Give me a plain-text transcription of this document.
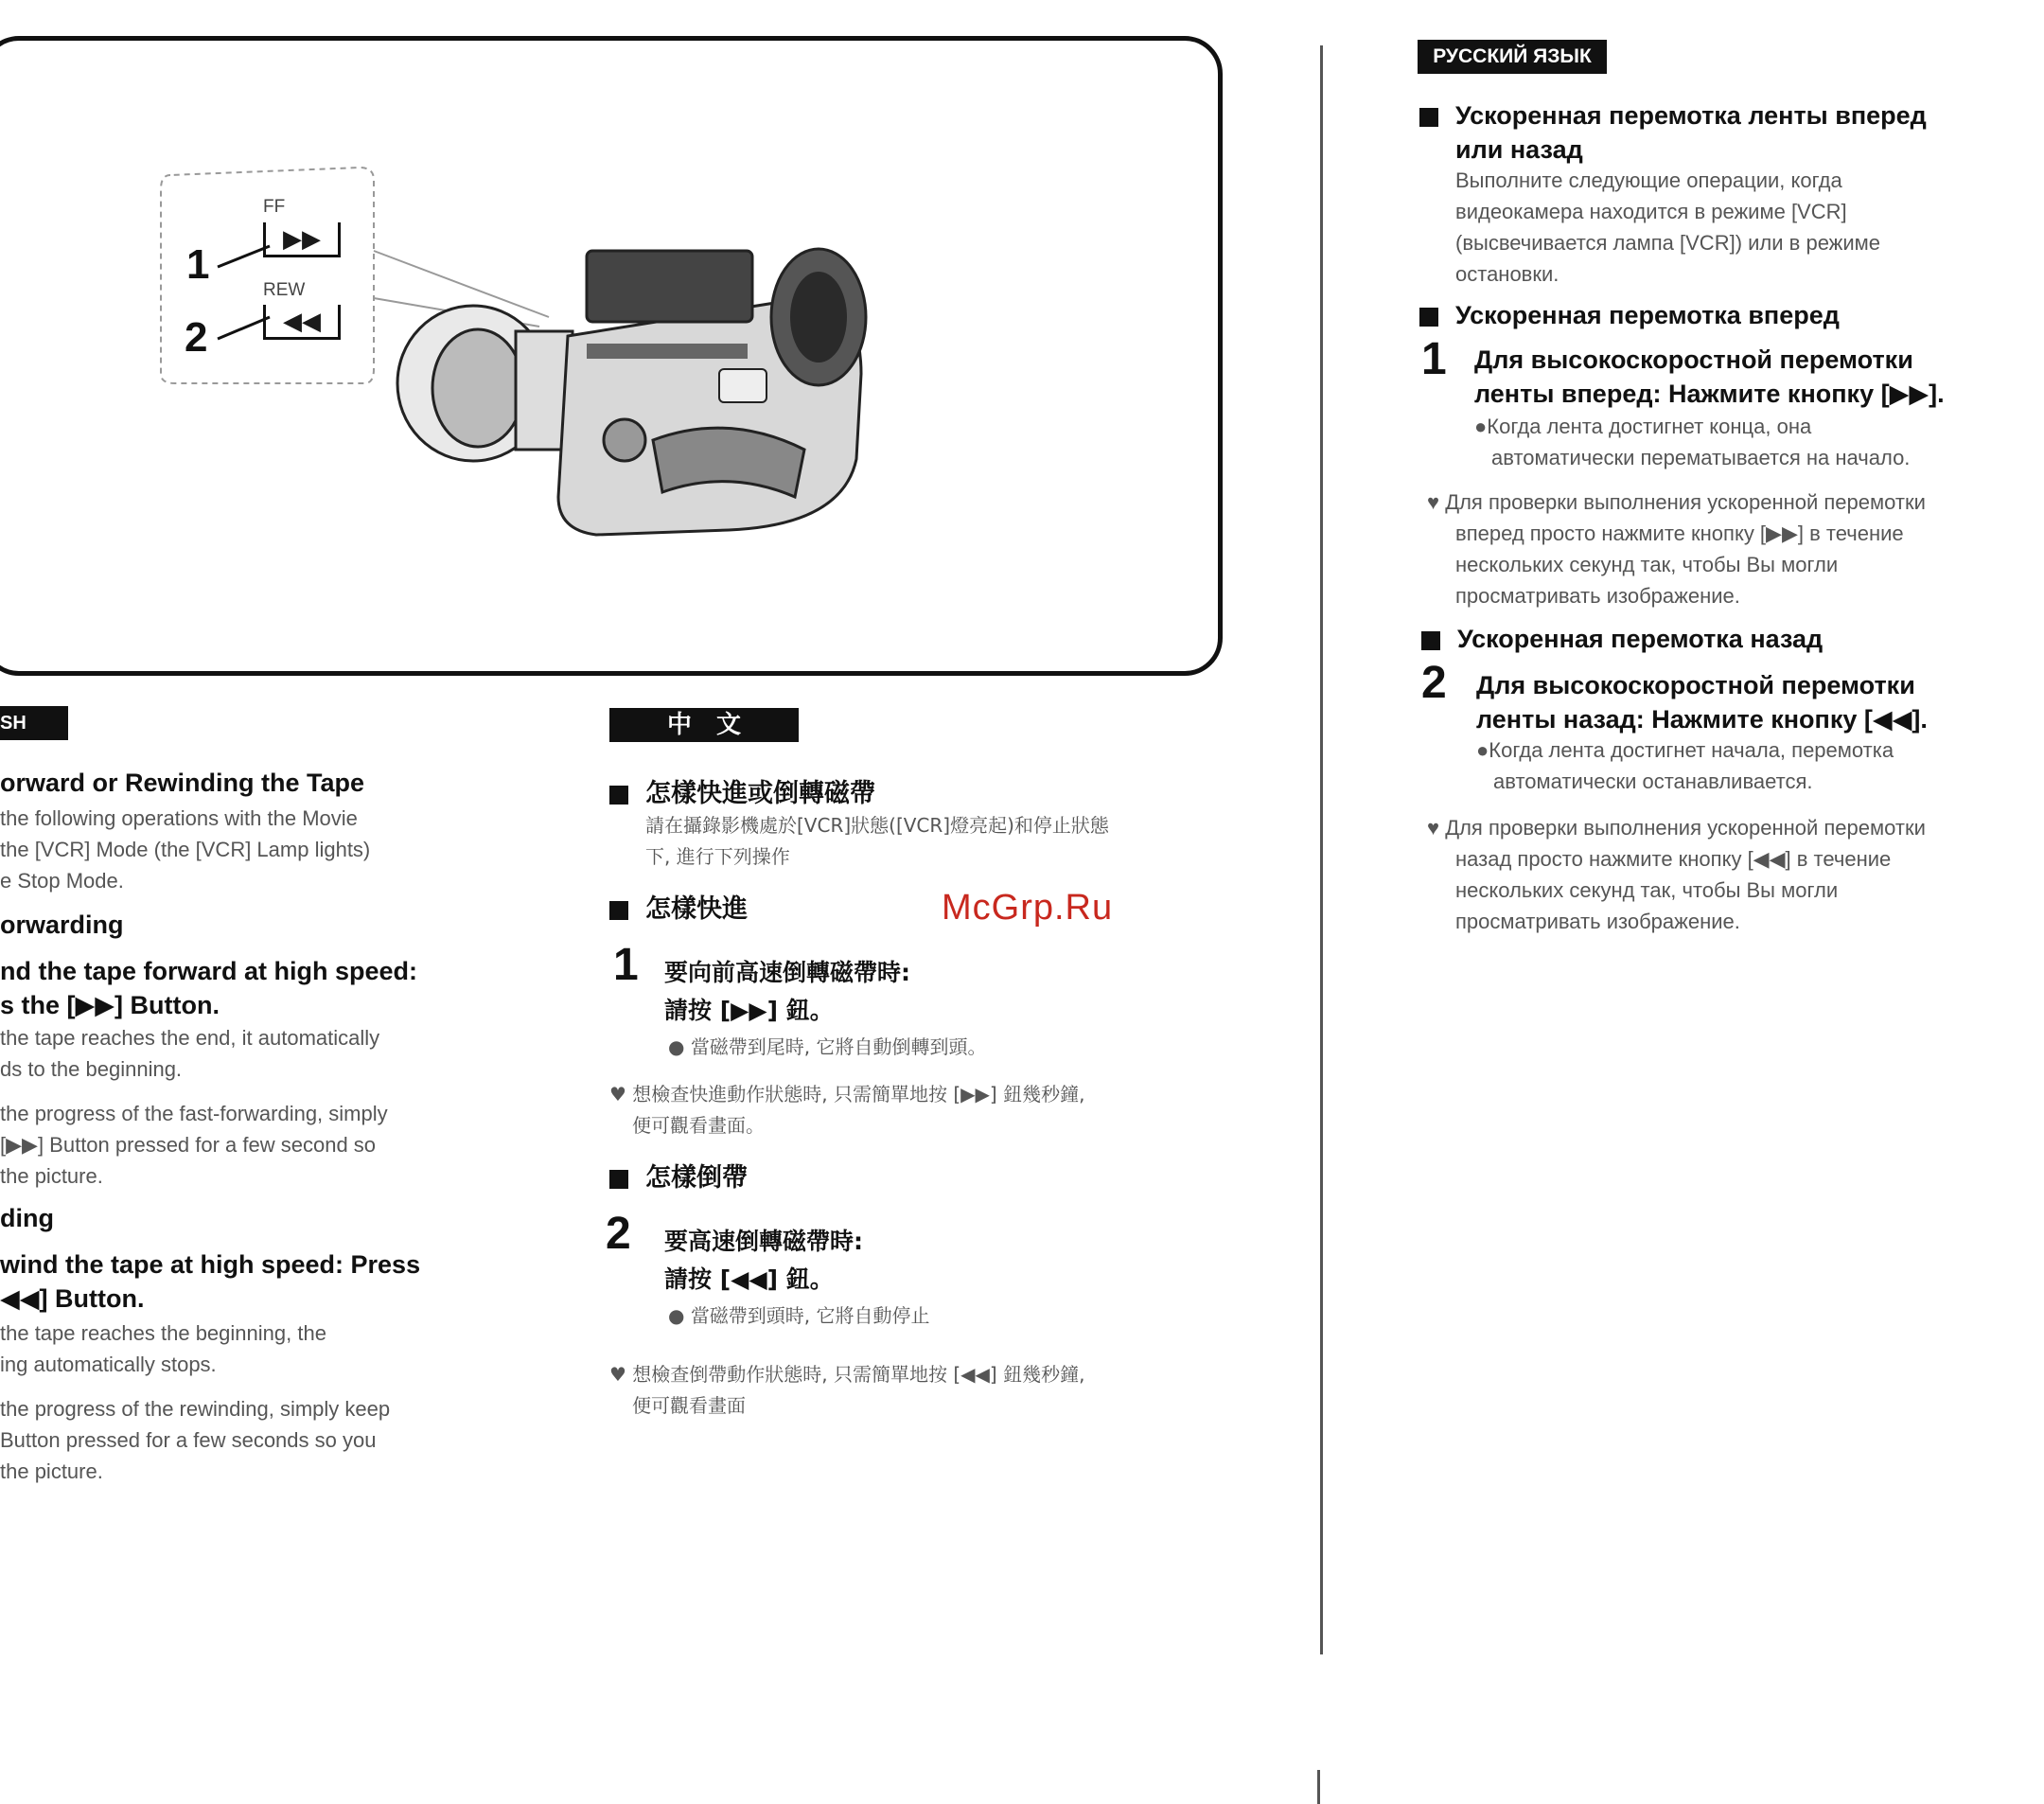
FF
▶▶
REW
◀◀
1
2
SH
orward or Rewinding the Tape
the following operations with the Movie
the [VCR] Mode (the [VCR] Lamp lights)
e Stop Mode.
orwarding
nd the tape forward at high speed:
s the [▶▶] Button.
the tape reaches the end, it automatically
ds to the beginning.
the progress of the fast-forwarding, simply
[▶▶] Button pressed for a few second so
the picture.
ding
wind the tape at high speed: Press
◀◀] Button.
the tape reaches the beginning, the
ing automatically stops.
the progress of the rewinding, simply keep
Button pressed for a few seconds so you
the picture.
中　文
怎樣快進或倒轉磁帶
請在攝錄影機處於[VCR]狀態([VCR]燈亮起)和停止狀態
下, 進行下列操作
怎樣快進
1 要向前高速倒轉磁帶時:
請按 [▶▶] 鈕。
● 當磁帶到尾時, 它將自動倒轉到頭。
♥ 想檢查快進動作狀態時, 只需簡單地按 [▶▶] 鈕幾秒鐘,
便可觀看畫面。
怎樣倒帶
2 要高速倒轉磁帶時:
請按 [◀◀] 鈕。
● 當磁帶到頭時, 它將自動停止
♥ 想檢查倒帶動作狀態時, 只需簡單地按 [◀◀] 鈕幾秒鐘,
便可觀看畫面
McGrp.Ru
РУССКИЙ ЯЗЫК
Ускоренная перемотка ленты вперед
или назад
Выполните следующие операции, когда
видеокамера находится в режиме [VCR]
(высвечивается лампа [VCR]) или в режиме
остановки.
Ускоренная перемотка вперед
1 Для высокоскоростной перемотки
ленты вперед: Нажмите кнопку [▶▶].
●Когда лента достигнет конца, она
автоматически перематывается на начало.
♥ Для проверки выполнения ускоренной перемотки
вперед просто нажмите кнопку [▶▶] в течение
нескольких секунд так, чтобы Вы могли
просматривать изображение.
Ускоренная перемотка назад
2 Для высокоскоростной перемотки
ленты назад: Нажмите кнопку [◀◀].
●Когда лента достигнет начала, перемотка
автоматически останавливается.
♥ Для проверки выполнения ускоренной перемотки
назад просто нажмите кнопку [◀◀] в течение
нескольких секунд так, чтобы Вы могли
просматривать изображение.
